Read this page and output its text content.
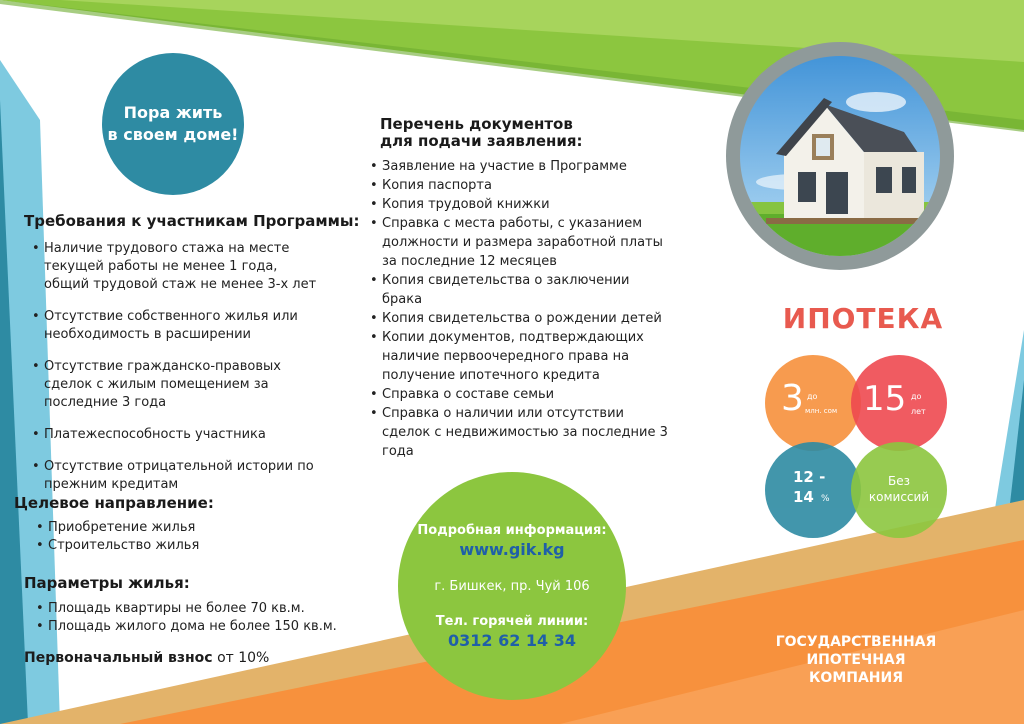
Пора жить
в своем доме!
Требования к участникам Программы:
• Наличие трудового стажа на месте текущей работы не менее 1 года, общий трудовой стаж не менее 3-х лет
• Отсутствие собственного жилья или необходимость в расширении
• Отсутствие гражданско-правовых сделок с жилым помещением за последние 3 года
• Платежеспособность участника
• Отсутствие отрицательной истории по прежним кредитам
Целевое направление:
• Приобретение жилья
• Строительство жилья
Параметры жилья:
• Площадь квартиры не более 70 кв.м.
• Площадь жилого дома не более 150 кв.м.
Первоначальный взнос от 10%
Перечень документов
для подачи заявления:
• Заявление на участие в Программе
• Копия паспорта
• Копия трудовой книжки
• Справка с места работы, с указанием должности и размера заработной платы за последние 12 месяцев
• Копия свидетельства о заключении брака
• Копия свидетельства о рождении детей
• Копии документов, подтверждающих наличие первоочередного права на получение ипотечного кредита
• Справка о составе семьи
• Справка о наличии или отсутствии сделок с недвижимостью за последние 3 года
Подробная информация:
www.gik.kg
г. Бишкек, пр. Чуй 106
Тел. горячей линии:
0312 62 14 34
ИПОТЕКА
3 до
млн. сом 15 до
лет
12 -
14 %
Без
комиссий
ГОСУДАРСТВЕННАЯ
ИПОТЕЧНАЯ
КОМПАНИЯ
